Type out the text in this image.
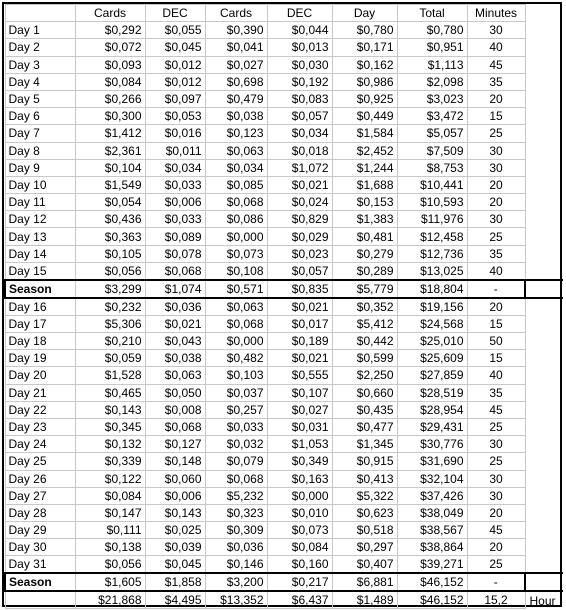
	Cards	DEC	Cards	DEC	Day	Total	Minutes	
Day 1	$0,292	$0,055	$0,390	$0,044	$0,780	$0,780	30	
Day 2	$0,072	$0,045	$0,041	$0,013	$0,171	$0,951	40	
Day 3	$0,093	$0,012	$0,027	$0,030	$0,162	$1,113	45	
Day 4	$0,084	$0,012	$0,698	$0,192	$0,986	$2,098	35	
Day 5	$0,266	$0,097	$0,479	$0,083	$0,925	$3,023	20	
Day 6	$0,300	$0,053	$0,038	$0,057	$0,449	$3,472	15	
Day 7	$1,412	$0,016	$0,123	$0,034	$1,584	$5,057	25	
Day 8	$2,361	$0,011	$0,063	$0,018	$2,452	$7,509	30	
Day 9	$0,104	$0,034	$0,034	$1,072	$1,244	$8,753	30	
Day 10	$1,549	$0,033	$0,085	$0,021	$1,688	$10,441	20	
Day 11	$0,054	$0,006	$0,068	$0,024	$0,153	$10,593	20	
Day 12	$0,436	$0,033	$0,086	$0,829	$1,383	$11,976	30	
Day 13	$0,363	$0,089	$0,000	$0,029	$0,481	$12,458	25	
Day 14	$0,105	$0,078	$0,073	$0,023	$0,279	$12,736	35	
Day 15	$0,056	$0,068	$0,108	$0,057	$0,289	$13,025	40	
Season	$3,299	$1,074	$0,571	$0,835	$5,779	$18,804	-	
Day 16	$0,232	$0,036	$0,063	$0,021	$0,352	$19,156	20	
Day 17	$5,306	$0,021	$0,068	$0,017	$5,412	$24,568	15	
Day 18	$0,210	$0,043	$0,000	$0,189	$0,442	$25,010	50	
Day 19	$0,059	$0,038	$0,482	$0,021	$0,599	$25,609	15	
Day 20	$1,528	$0,063	$0,103	$0,555	$2,250	$27,859	40	
Day 21	$0,465	$0,050	$0,037	$0,107	$0,660	$28,519	35	
Day 22	$0,143	$0,008	$0,257	$0,027	$0,435	$28,954	45	
Day 23	$0,345	$0,068	$0,033	$0,031	$0,477	$29,431	25	
Day 24	$0,132	$0,127	$0,032	$1,053	$1,345	$30,776	30	
Day 25	$0,339	$0,148	$0,079	$0,349	$0,915	$31,690	25	
Day 26	$0,122	$0,060	$0,068	$0,163	$0,413	$32,104	30	
Day 27	$0,084	$0,006	$5,232	$0,000	$5,322	$37,426	30	
Day 28	$0,147	$0,143	$0,323	$0,010	$0,623	$38,049	20	
Day 29	$0,111	$0,025	$0,309	$0,073	$0,518	$38,567	45	
Day 30	$0,138	$0,039	$0,036	$0,084	$0,297	$38,864	20	
Day 31	$0,056	$0,045	$0,146	$0,160	$0,407	$39,271	25	
Season	$1,605	$1,858	$3,200	$0,217	$6,881	$46,152	-	
	$21,868	$4,495	$13,352	$6,437	$1,489	$46,152	15,2	Hour
